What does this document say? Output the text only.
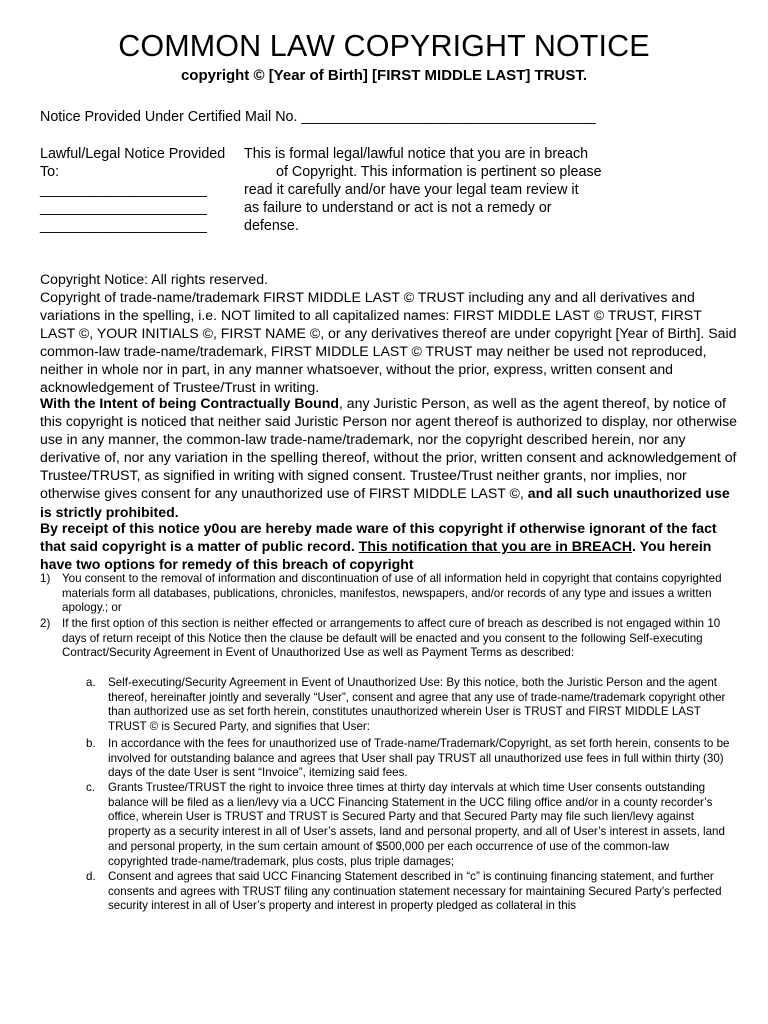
COMMON LAW COPYRIGHT NOTICE
copyright © [Year of Birth] [FIRST MIDDLE LAST] TRUST.
Notice Provided Under Certified Mail No. _____________________________________
Lawful/Legal Notice Provided
To:
_____________________
_____________________
_____________________
This is formal legal/lawful notice that you are in breach
of Copyright. This information is pertinent so please
read it carefully and/or have your legal team review it
as failure to understand or act is not a remedy or
defense.
Copyright Notice: All rights reserved.
Copyright of trade-name/trademark FIRST MIDDLE LAST © TRUST including any and all derivatives and variations in the spelling, i.e. NOT limited to all capitalized names: FIRST MIDDLE LAST © TRUST, FIRST LAST ©, YOUR INITIALS ©, FIRST NAME ©, or any derivatives thereof are under copyright [Year of Birth]. Said common-law trade-name/trademark, FIRST MIDDLE LAST © TRUST may neither be used not reproduced, neither in whole nor in part, in any manner whatsoever, without the prior, express, written consent and acknowledgement of Trustee/Trust in writing.
With the Intent of being Contractually Bound, any Juristic Person, as well as the agent thereof, by notice of this copyright is noticed that neither said Juristic Person nor agent thereof is authorized to display, nor otherwise use in any manner, the common-law trade-name/trademark, nor the copyright described herein, nor any derivative of, nor any variation in the spelling thereof, without the prior, written consent and acknowledgement of Trustee/TRUST, as signified in writing with signed consent. Trustee/Trust neither grants, nor implies, nor otherwise gives consent for any unauthorized use of FIRST MIDDLE LAST ©, and all such unauthorized use is strictly prohibited.
By receipt of this notice y0ou are hereby made ware of this copyright if otherwise ignorant of the fact that said copyright is a matter of public record. This notification that you are in BREACH. You herein have two options for remedy of this breach of copyright
1) You consent to the removal of information and discontinuation of use of all information held in copyright that contains copyrighted materials form all databases, publications, chronicles, manifestos, newspapers, and/or records of any type and issues a written apology.; or
2) If the first option of this section is neither effected or arrangements to affect cure of breach as described is not engaged within 10 days of return receipt of this Notice then the clause be default will be enacted and you consent to the following Self-executing Contract/Security Agreement in Event of Unauthorized Use as well as Payment Terms as described:
a. Self-executing/Security Agreement in Event of Unauthorized Use: By this notice, both the Juristic Person and the agent thereof, hereinafter jointly and severally “User”, consent and agree that any use of trade-name/trademark copyright other than authorized use as set forth herein, constitutes unauthorized wherein User is TRUST and FIRST MIDDLE LAST TRUST © is Secured Party, and signifies that User:
b. In accordance with the fees for unauthorized use of Trade-name/Trademark/Copyright, as set forth herein, consents to be involved for outstanding balance and agrees that User shall pay TRUST all unauthorized use fees in full within thirty (30) days of the date User is sent “Invoice”, itemizing said fees.
c. Grants Trustee/TRUST the right to invoice three times at thirty day intervals at which time User consents outstanding balance will be filed as a lien/levy via a UCC Financing Statement in the UCC filing office and/or in a county recorder’s office, wherein User is TRUST and TRUST is Secured Party and that Secured Party may file such lien/levy against property as a security interest in all of User’s assets, land and personal property, and all of User’s interest in assets, land and personal property, in the sum certain amount of $500,000 per each occurrence of use of the common-law copyrighted trade-name/trademark, plus costs, plus triple damages;
d. Consent and agrees that said UCC Financing Statement described in “c” is continuing financing statement, and further consents and agrees with TRUST filing any continuation statement necessary for maintaining Secured Party’s perfected security interest in all of User’s property and interest in property pledged as collateral in this
